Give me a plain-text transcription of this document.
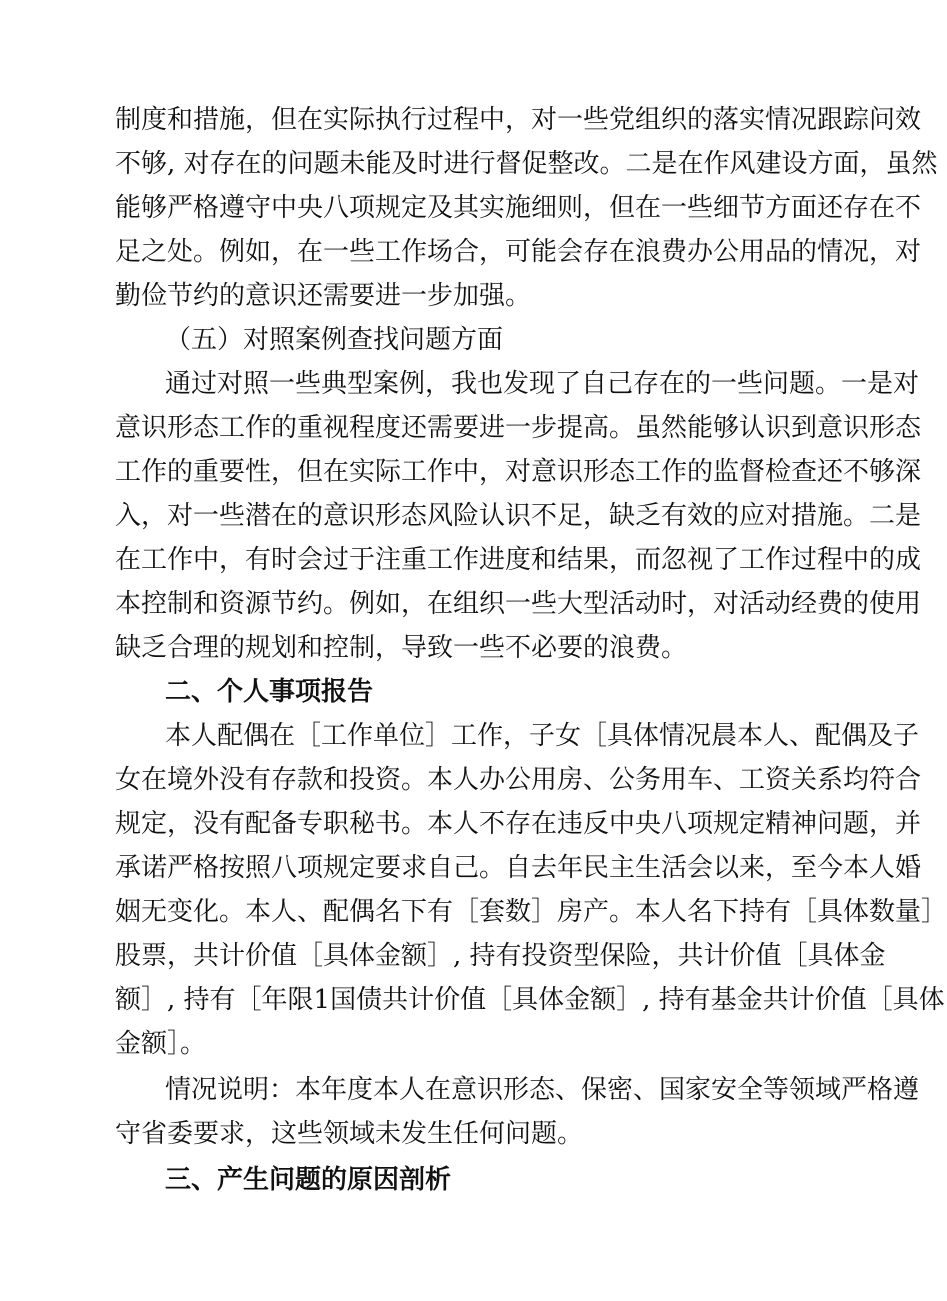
制度和措施，但在实际执行过程中，对一些党组织的落实情况跟踪问效
不够, 对存在的问题未能及时进行督促整改。二是在作风建设方面，虽然
能够严格遵守中央八项规定及其实施细则，但在一些细节方面还存在不
足之处。例如，在一些工作场合，可能会存在浪费办公用品的情况，对
勤俭节约的意识还需要进一步加强。
（五）对照案例查找问题方面
通过对照一些典型案例，我也发现了自己存在的一些问题。一是对
意识形态工作的重视程度还需要进一步提高。虽然能够认识到意识形态
工作的重要性，但在实际工作中，对意识形态工作的监督检查还不够深
入，对一些潜在的意识形态风险认识不足，缺乏有效的应对措施。二是
在工作中，有时会过于注重工作进度和结果，而忽视了工作过程中的成
本控制和资源节约。例如，在组织一些大型活动时，对活动经费的使用
缺乏合理的规划和控制，导致一些不必要的浪费。
二、个人事项报告
本人配偶在［工作单位］工作，子女［具体情况晨本人、配偶及子
女在境外没有存款和投资。本人办公用房、公务用车、工资关系均符合
规定，没有配备专职秘书。本人不存在违反中央八项规定精神问题，并
承诺严格按照八项规定要求自己。自去年民主生活会以来，至今本人婚
姻无变化。本人、配偶名下有［套数］房产。本人名下持有［具体数量］
股票，共计价值［具体金额］, 持有投资型保险，共计价值［具体金
额］, 持有［年限1国债共计价值［具体金额］, 持有基金共计价值［具体
金额］。
情况说明：本年度本人在意识形态、保密、国家安全等领域严格遵
守省委要求，这些领域未发生任何问题。
三、产生问题的原因剖析
